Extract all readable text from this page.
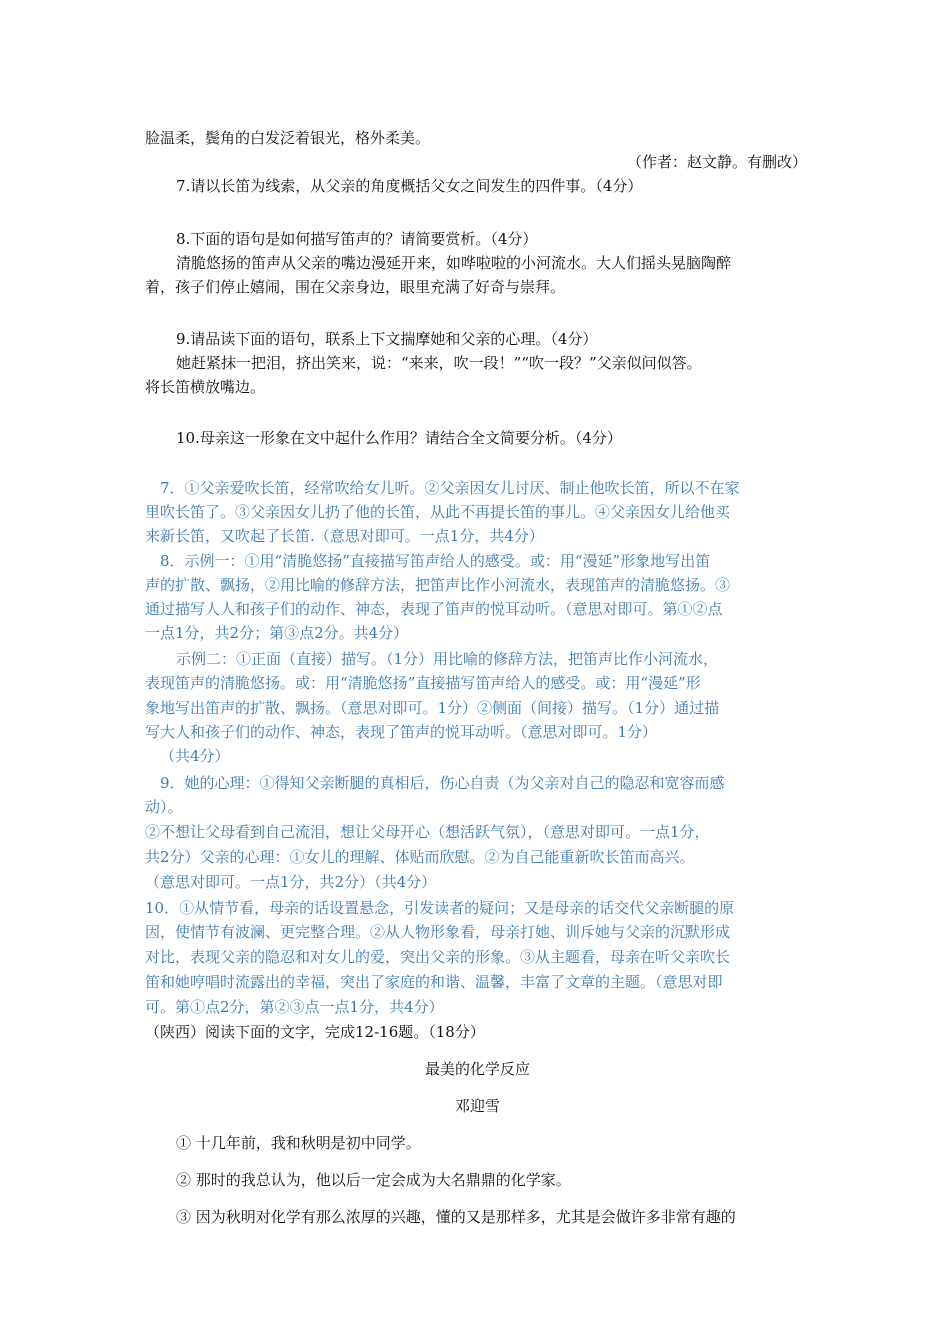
脸温柔，鬓角的白发泛着银光，格外柔美。
（作者：赵文静。有删改）
7.请以长笛为线索，从父亲的角度概括父女之间发生的四件事。（4分）
8.下面的语句是如何描写笛声的？请简要赏析。（4分）
清脆悠扬的笛声从父亲的嘴边漫延开来，如哗啦啦的小河流水。大人们摇头晃脑陶醉
着，孩子们停止嬉闹，围在父亲身边，眼里充满了好奇与崇拜。
9.请品读下面的语句，联系上下文揣摩她和父亲的心理。（4分）
她赶紧抹一把泪，挤出笑来，说：“来来，吹一段！”“吹一段？”父亲似问似答。
将长笛横放嘴边。
10.母亲这一形象在文中起什么作用？请结合全文简要分析。（4分）
7．①父亲爱吹长笛，经常吹给女儿听。②父亲因女儿讨厌、制止他吹长笛，所以不在家
里吹长笛了。③父亲因女儿扔了他的长笛，从此不再提长笛的事儿。④父亲因女儿给他买
来新长笛，又吹起了长笛.（意思对即可。一点1分，共4分）
8．示例一：①用“清脆悠扬”直接描写笛声给人的感受。或：用“漫延”形象地写出笛
声的扩散、飘扬，②用比喻的修辞方法，把笛声比作小河流水，表现笛声的清脆悠扬。③
通过描写人人和孩子们的动作、神态，表现了笛声的悦耳动听。（意思对即可。第①②点
一点1分，共2分；第③点2分。共4分）
示例二：①正面（直接）描写。（1分）用比喻的修辞方法，把笛声比作小河流水，
表现笛声的清脆悠扬。或：用“清脆悠扬”直接描写笛声给人的感受。或：用“漫延”形
象地写出笛声的扩散、飘扬。（意思对即可。1分）②侧面（间接）描写。（1分）通过描
写大人和孩子们的动作、神态，表现了笛声的悦耳动听。（意思对即可。1分）
（共4分）
9．她的心理：①得知父亲断腿的真相后，伤心自责（为父亲对自己的隐忍和宽容而感
动）。
②不想让父母看到自己流泪，想让父母开心（想活跃气氛），（意思对即可。一点1分，
共2分）父亲的心理：①女儿的理解、体贴而欣慰。②为自己能重新吹长笛而高兴。
（意思对即可。一点1分，共2分）（共4分）
10．①从情节看，母亲的话设置悬念，引发读者的疑问；又是母亲的话交代父亲断腿的原
因，使情节有波澜、更完整合理。②从人物形象看，母亲打她、训斥她与父亲的沉默形成
对比，表现父亲的隐忍和对女儿的爱，突出父亲的形象。③从主题看，母亲在听父亲吹长
笛和她哼唱时流露出的幸福，突出了家庭的和谐、温馨，丰富了文章的主题。（意思对即
可。第①点2分，第②③点一点1分，共4分）
（陕西）阅读下面的文字，完成12-16题。（18分）
最美的化学反应
邓迎雪
① 十几年前，我和秋明是初中同学。
② 那时的我总认为，他以后一定会成为大名鼎鼎的化学家。
③ 因为秋明对化学有那么浓厚的兴趣，懂的又是那样多，尤其是会做许多非常有趣的
